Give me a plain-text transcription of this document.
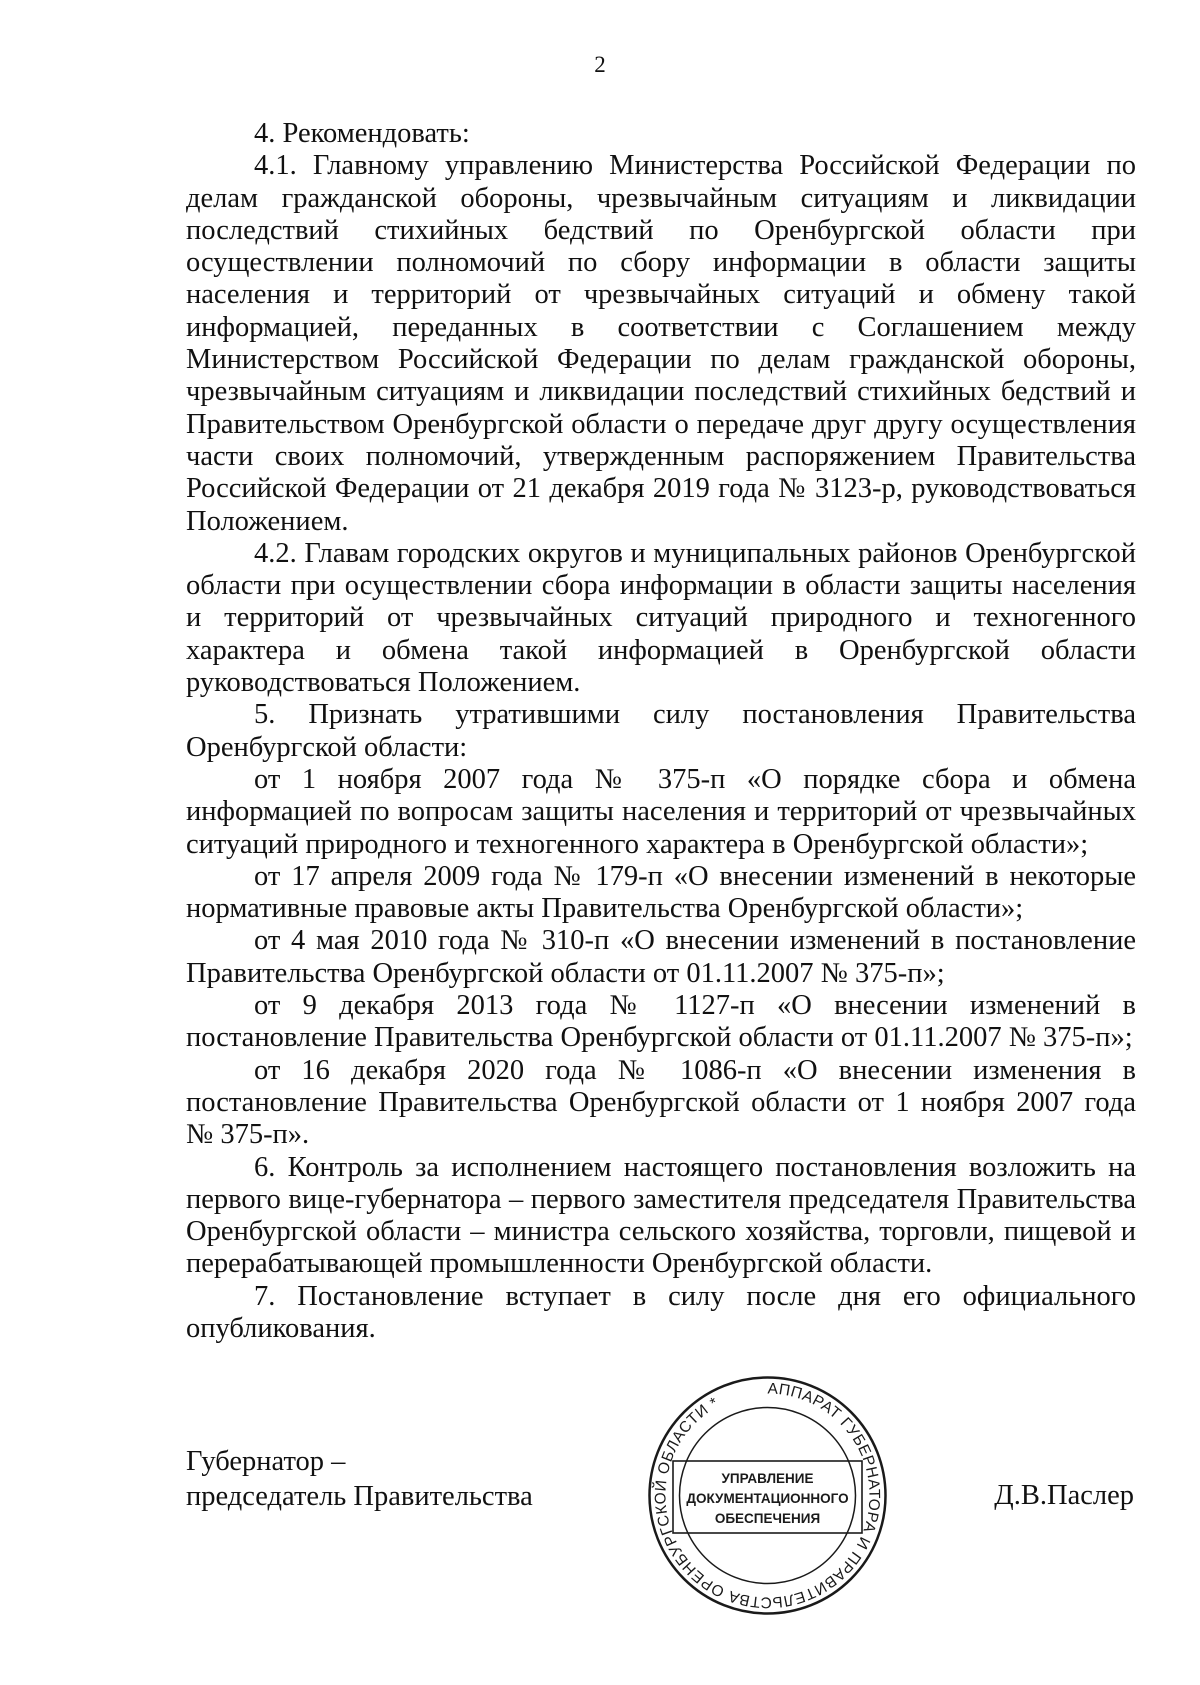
2

4. Рекомендовать:

4.1. Главному управлению Министерства Российской Федерации по делам гражданской обороны, чрезвычайным ситуациям и ликвидации последствий стихийных бедствий по Оренбургской области при осуществлении полномочий по сбору информации в области защиты населения и территорий от чрезвычайных ситуаций и обмену такой информацией, переданных в соответствии с Соглашением между Министерством Российской Федерации по делам гражданской обороны, чрезвычайным ситуациям и ликвидации последствий стихийных бедствий и Правительством Оренбургской области о передаче друг другу осуществления части своих полномочий, утвержденным распоряжением Правительства Российской Федерации от 21 декабря 2019 года № 3123-р, руководствоваться Положением.

4.2. Главам городских округов и муниципальных районов Оренбургской области при осуществлении сбора информации в области защиты населения и территорий от чрезвычайных ситуаций природного и техногенного характера и обмена такой информацией в Оренбургской области руководствоваться Положением.

5. Признать утратившими силу постановления Правительства Оренбургской области:

от 1 ноября 2007 года № 375-п «О порядке сбора и обмена информацией по вопросам защиты населения и территорий от чрезвычайных ситуаций природного и техногенного характера в Оренбургской области»;

от 17 апреля 2009 года № 179-п «О внесении изменений в некоторые нормативные правовые акты Правительства Оренбургской области»;

от 4 мая 2010 года № 310-п «О внесении изменений в постановление Правительства Оренбургской области от 01.11.2007 № 375-п»;

от 9 декабря 2013 года № 1127-п «О внесении изменений в постановление Правительства Оренбургской области от 01.11.2007 № 375-п»;

от 16 декабря 2020 года № 1086-п «О внесении изменения в постановление Правительства Оренбургской области от 1 ноября 2007 года № 375-п».

6. Контроль за исполнением настоящего постановления возложить на первого вице-губернатора – первого заместителя председателя Правительства Оренбургской области – министра сельского хозяйства, торговли, пищевой и перерабатывающей промышленности Оренбургской области.

7. Постановление вступает в силу после дня его официального опубликования.

Губернатор –
председатель Правительства
АППАРАТ ГУБЕРНАТОРА И ПРАВИТЕЛЬСТВА ОРЕНБУРГСКОЙ ОБЛАСТИ *
УПРАВЛЕНИЕ
ДОКУМЕНТАЦИОННОГО
ОБЕСПЕЧЕНИЯ
Д.В.Паслер
